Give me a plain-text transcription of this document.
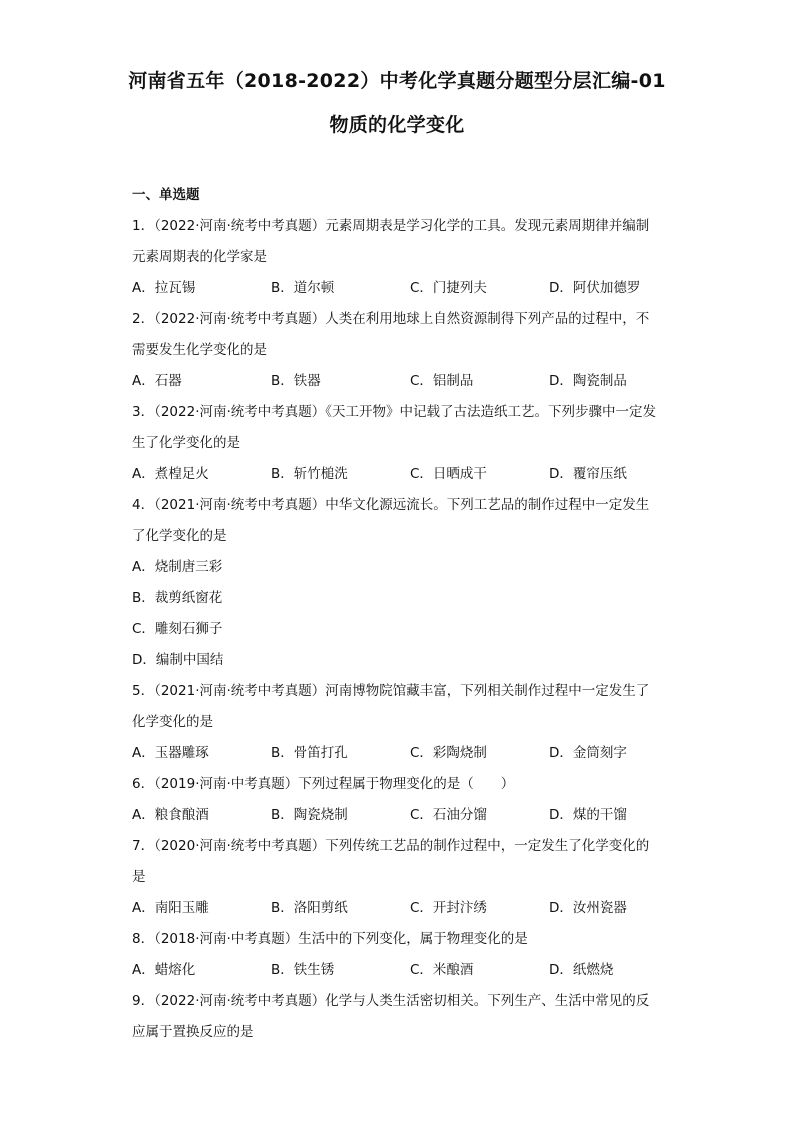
河南省五年（2018-2022）中考化学真题分题型分层汇编-01
物质的化学变化
一、单选题
1．（2022·河南·统考中考真题）元素周期表是学习化学的工具。发现元素周期律并编制
元素周期表的化学家是
A．拉瓦锡	B．道尔顿	C．门捷列夫	D．阿伏加德罗
2．（2022·河南·统考中考真题）人类在利用地球上自然资源制得下列产品的过程中，不
需要发生化学变化的是
A．石器	B．铁器	C．铝制品	D．陶瓷制品
3．（2022·河南·统考中考真题）《天工开物》中记载了古法造纸工艺。下列步骤中一定发
生了化学变化的是
A．煮楻足火	B．斩竹槌洗	C．日晒成干	D．覆帘压纸
4．（2021·河南·统考中考真题）中华文化源远流长。下列工艺品的制作过程中一定发生
了化学变化的是
A．烧制唐三彩
B．裁剪纸窗花
C．雕刻石狮子
D．编制中国结
5．（2021·河南·统考中考真题）河南博物院馆藏丰富，下列相关制作过程中一定发生了
化学变化的是
A．玉器雕琢	B．骨笛打孔	C．彩陶烧制	D．金筒刻字
6．（2019·河南·中考真题）下列过程属于物理变化的是（　　）
A．粮食酿酒	B．陶瓷烧制	C．石油分馏	D．煤的干馏
7．（2020·河南·统考中考真题）下列传统工艺品的制作过程中，一定发生了化学变化的
是
A．南阳玉雕	B．洛阳剪纸	C．开封汴绣	D．汝州瓷器
8．（2018·河南·中考真题）生活中的下列变化，属于物理变化的是
A．蜡熔化	B．铁生锈	C．米酿酒	D．纸燃烧
9．（2022·河南·统考中考真题）化学与人类生活密切相关。下列生产、生活中常见的反
应属于置换反应的是
